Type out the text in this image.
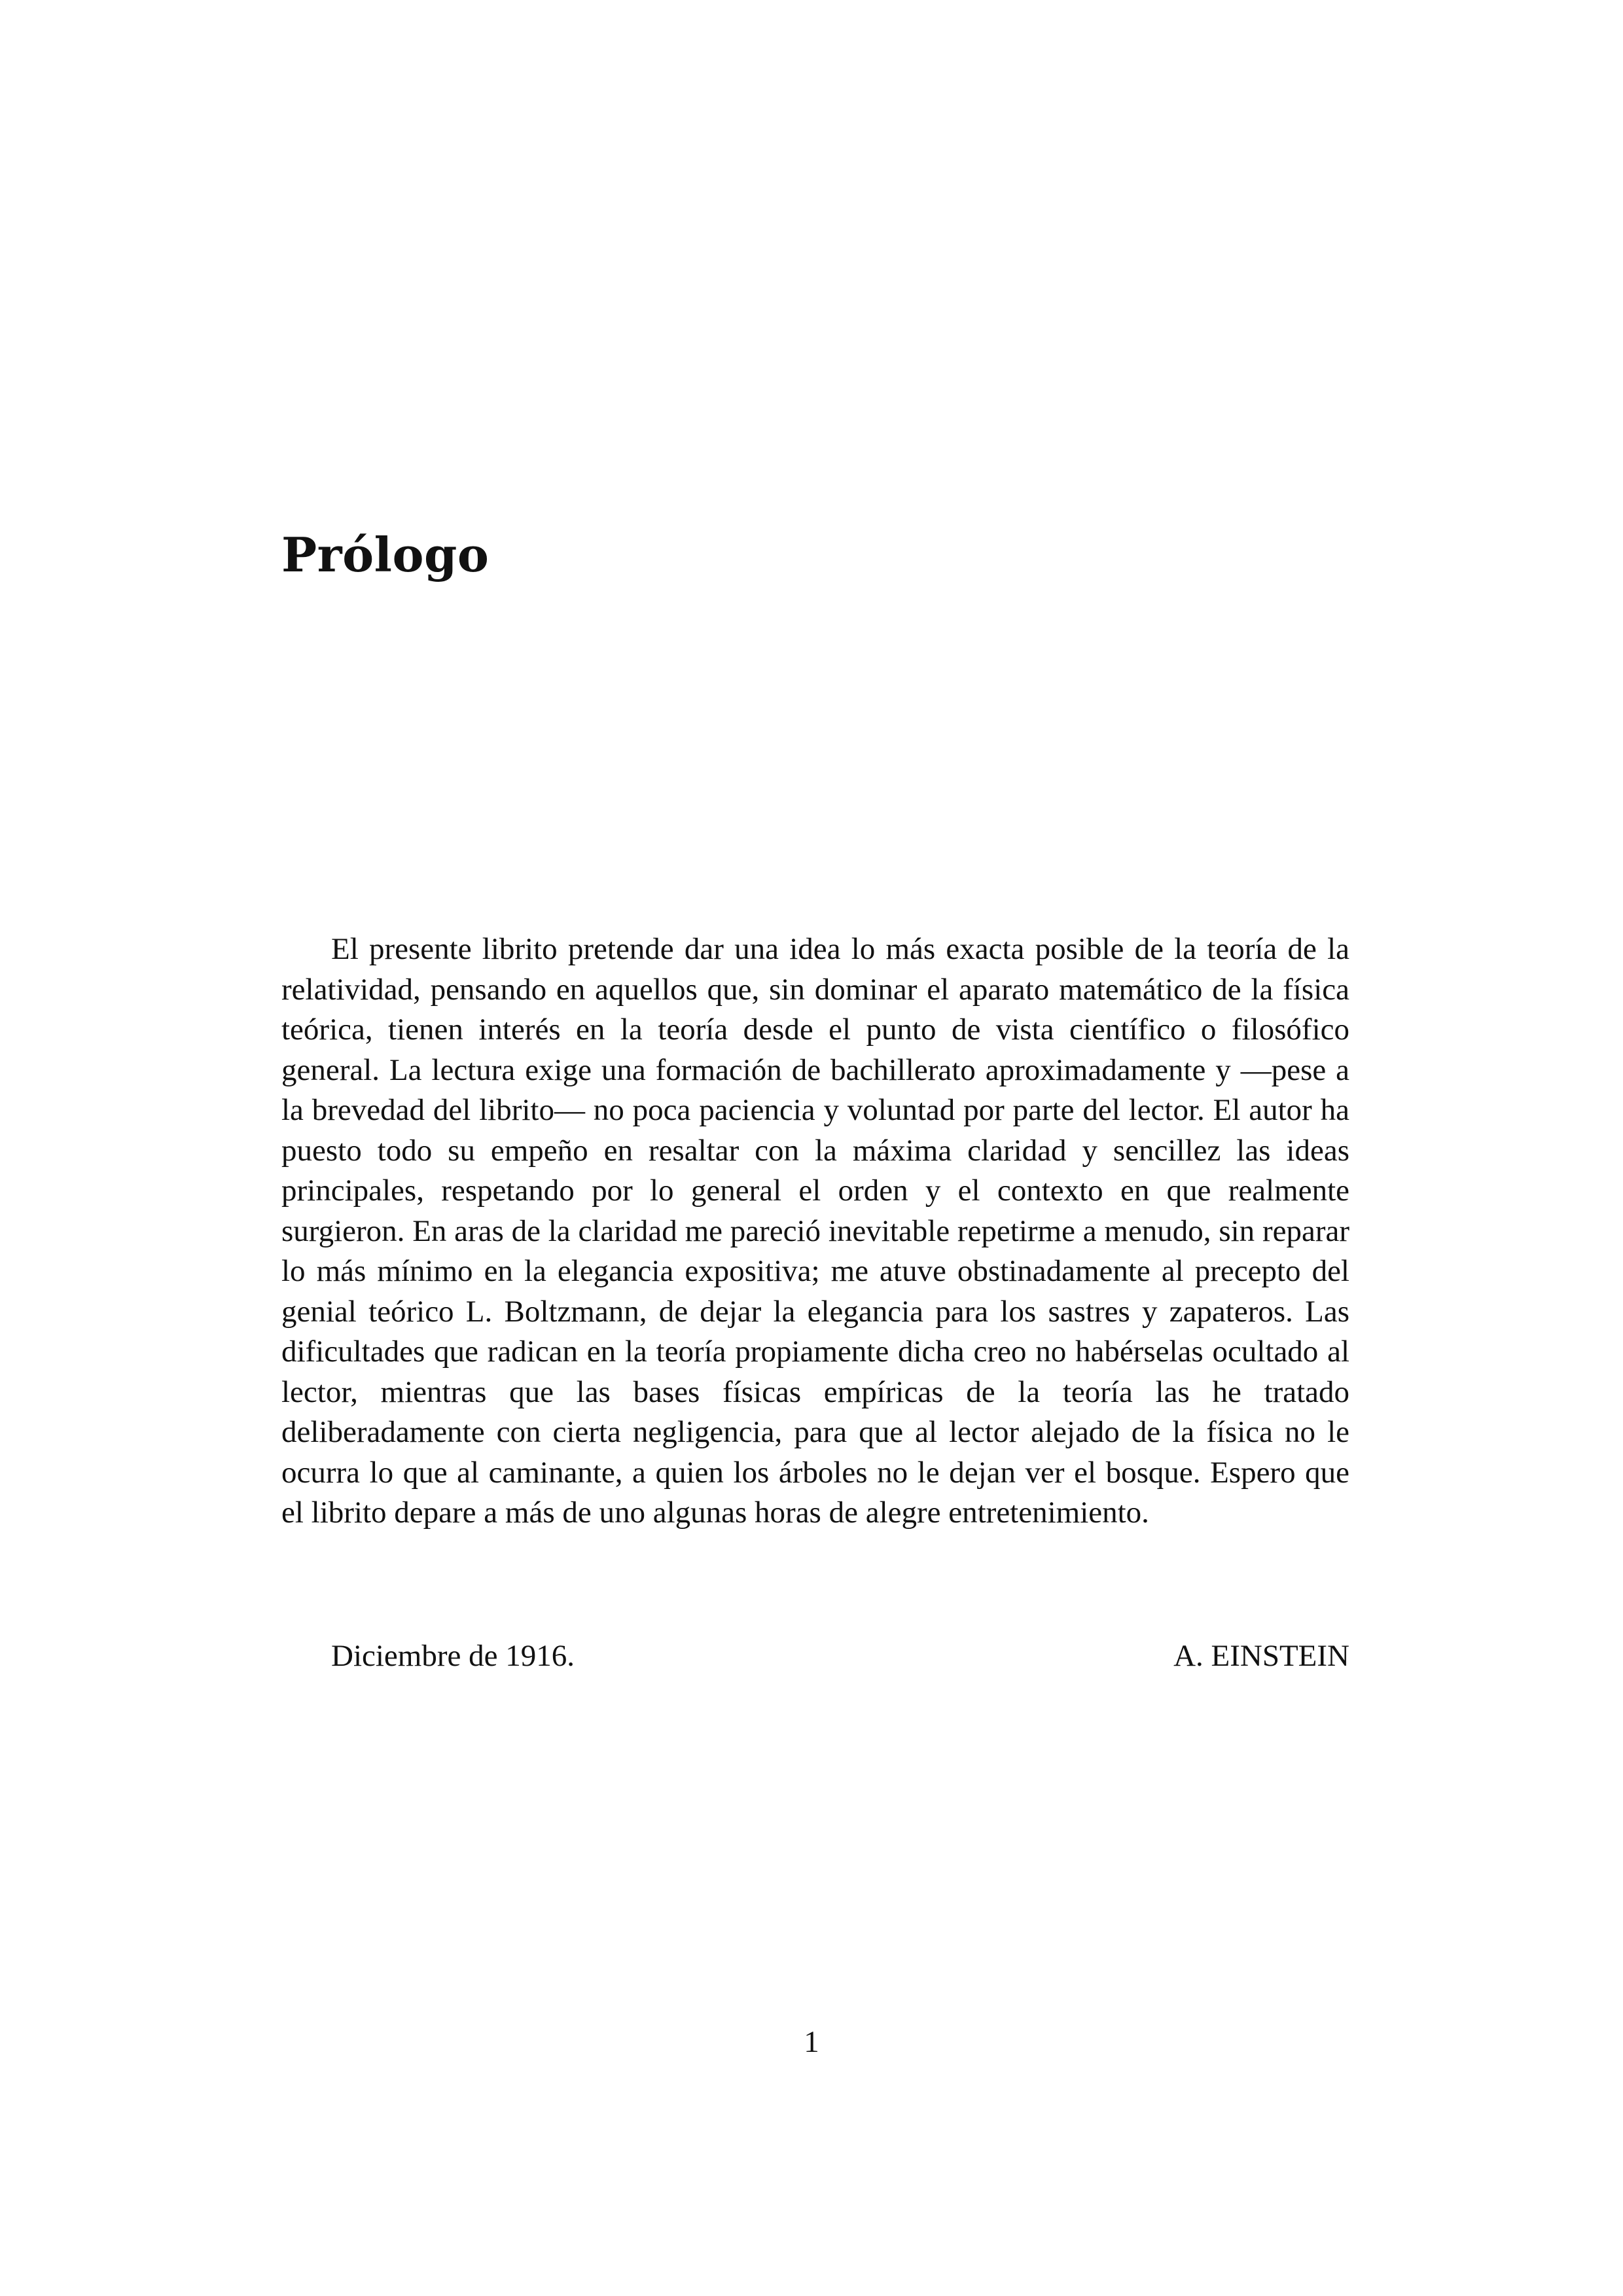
Prólogo

El presente librito pretende dar una idea lo más exacta posible de la teoría de la relatividad, pensando en aquellos que, sin dominar el aparato matemático de la física teórica, tienen interés en la teoría desde el punto de vista científico o filosófico general. La lectura exige una formación de bachillerato aproximadamente y —pese a la brevedad del librito— no poca paciencia y voluntad por parte del lector. El autor ha puesto todo su empeño en resaltar con la máxima claridad y sencillez las ideas principales, respetando por lo general el orden y el contexto en que realmente surgieron. En aras de la claridad me pareció inevitable repetirme a menudo, sin reparar lo más mínimo en la elegancia expositiva; me atuve obstinadamente al precepto del genial teórico L. Boltzmann, de dejar la elegancia para los sastres y zapateros. Las dificultades que radican en la teoría propiamente dicha creo no habérselas ocultado al lector, mientras que las bases físicas empíricas de la teoría las he tratado deliberadamente con cierta negligencia, para que al lector alejado de la física no le ocurra lo que al caminante, a quien los árboles no le dejan ver el bosque. Espero que el librito depare a más de uno algunas horas de alegre entretenimiento.

Diciembre de 1916.	A. EINSTEIN
1
